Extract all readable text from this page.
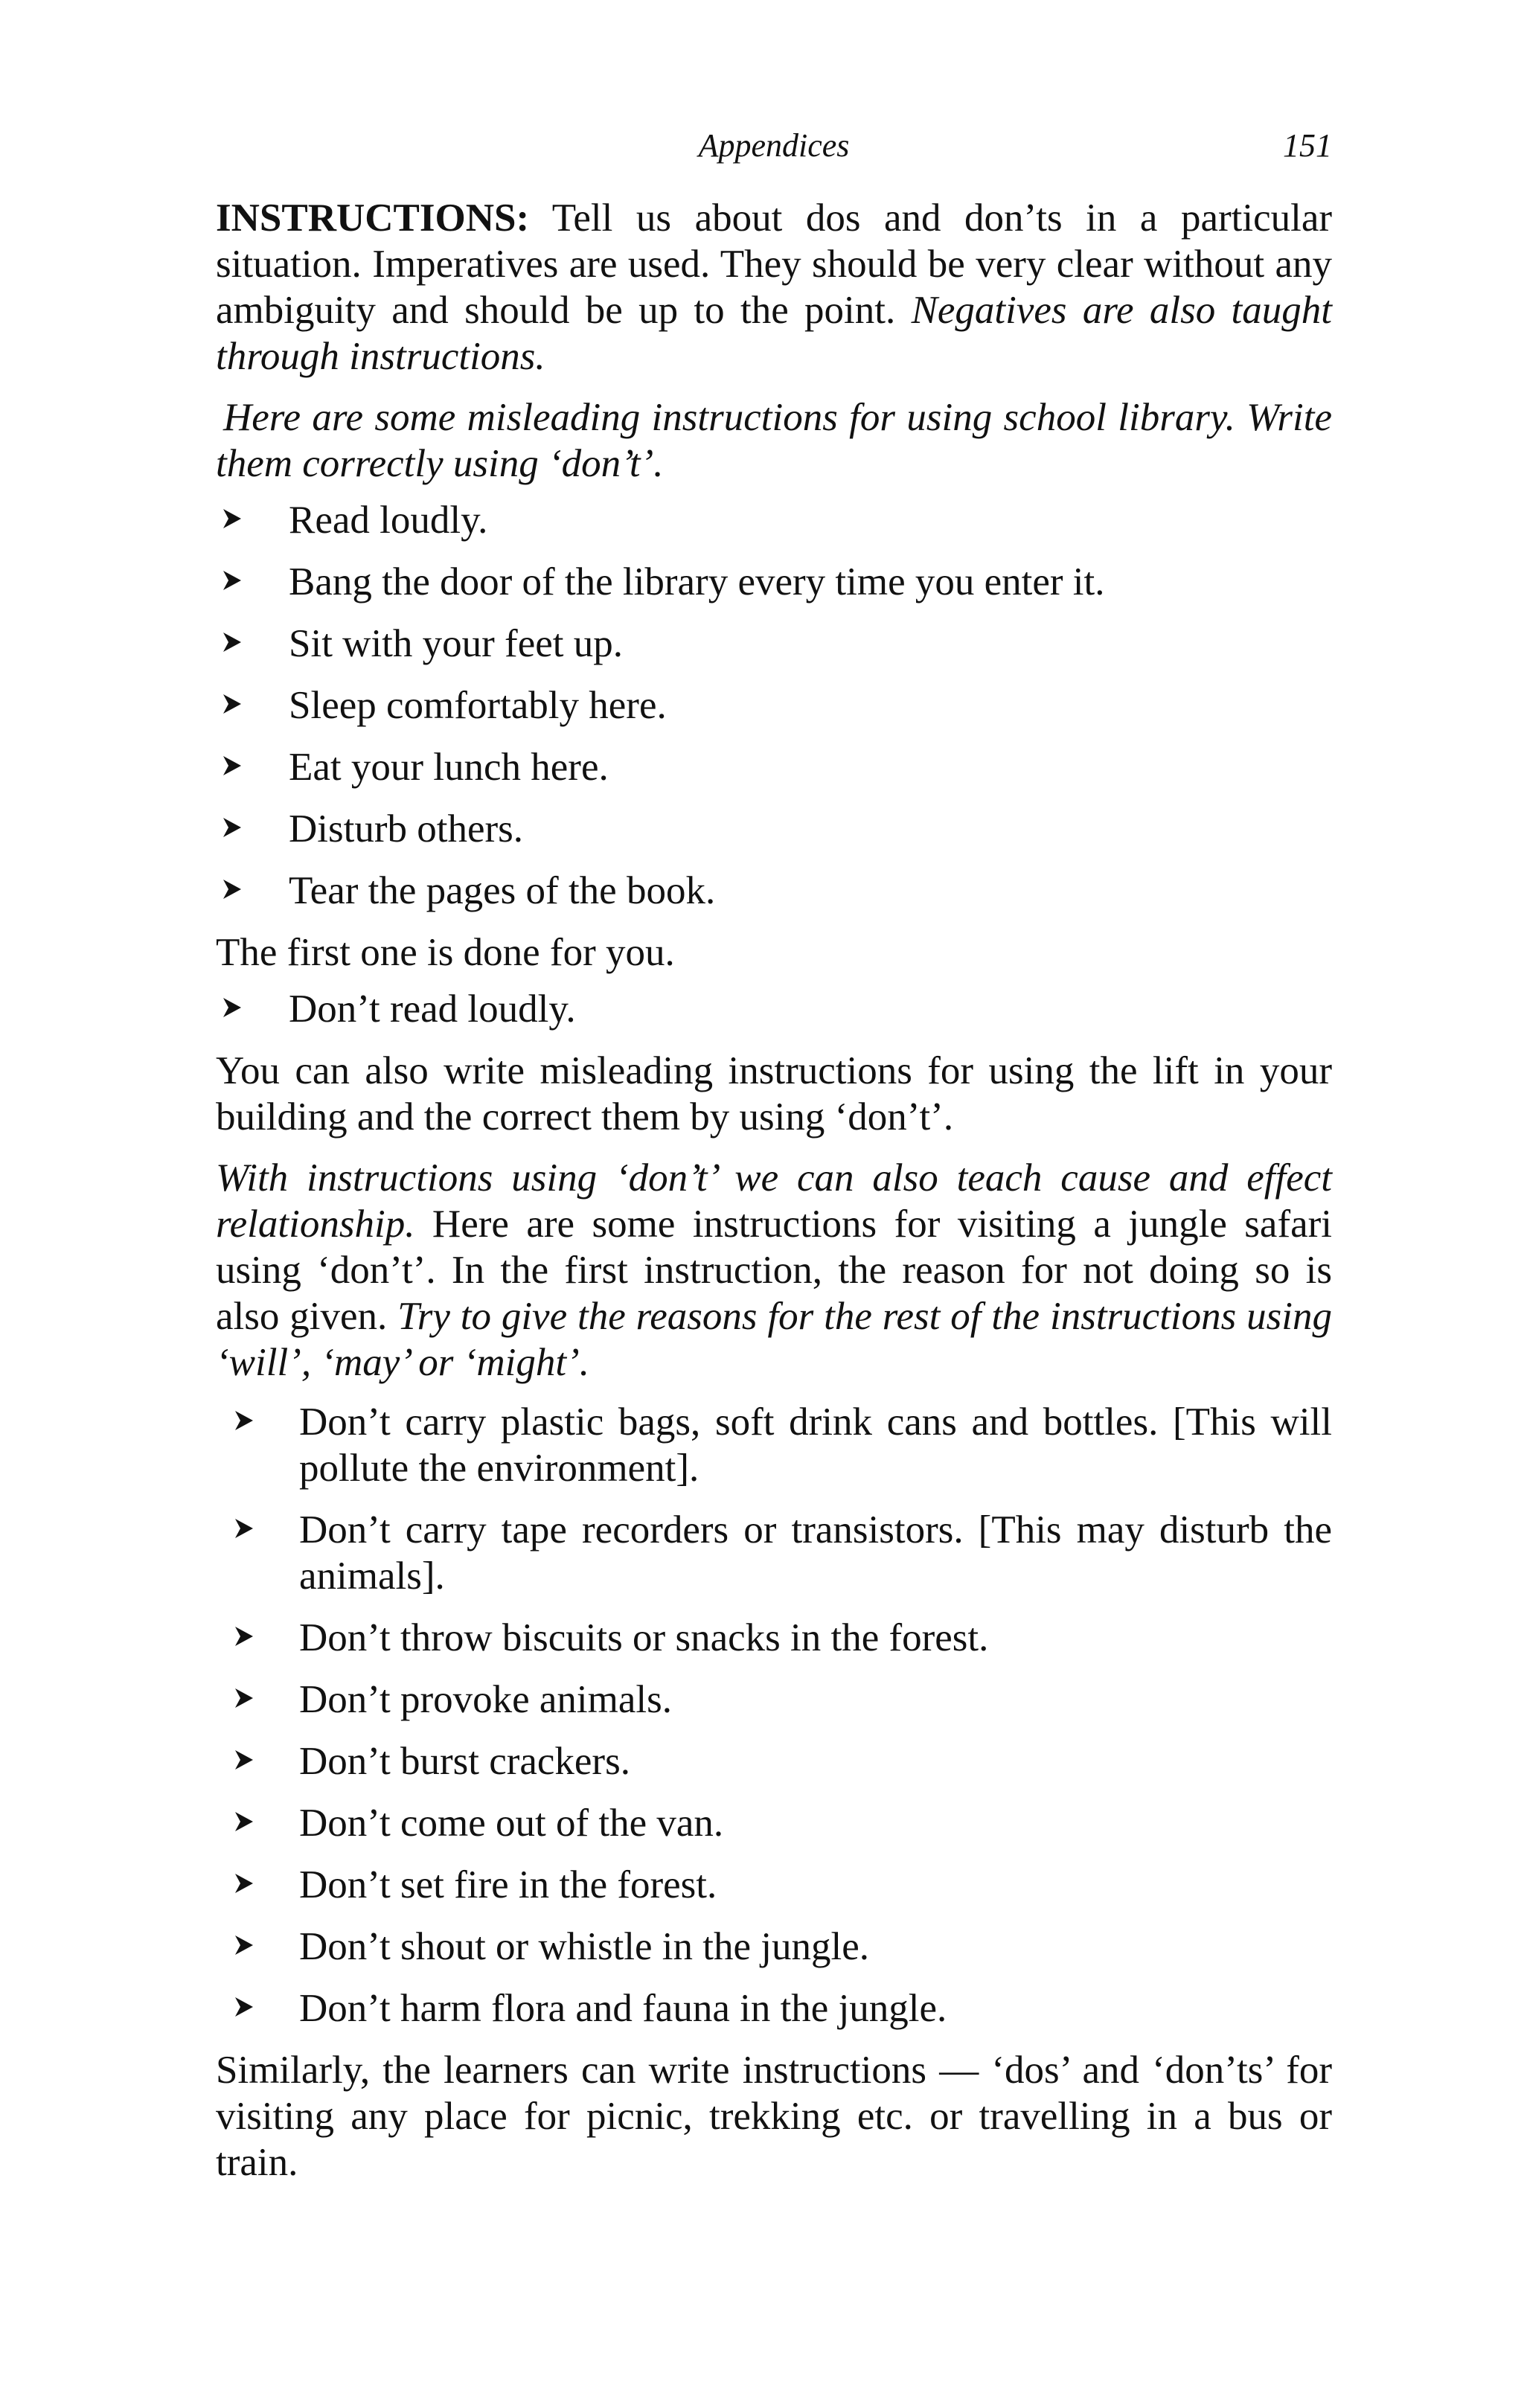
Appendices	151

INSTRUCTIONS: Tell us about dos and don’ts in a particular situation. Imperatives are used. They should be very clear without any ambiguity and should be up to the point. Negatives are also taught through instructions.

Here are some misleading instructions for using school library. Write them correctly using ‘don’t’.

Read loudly.
Bang the door of the library every time you enter it.
Sit with your feet up.
Sleep comfortably here.
Eat your lunch here.
Disturb others.
Tear the pages of the book.

The first one is done for you.

Don’t read loudly.

You can also write misleading instructions for using the lift in your building and the correct them by using ‘don’t’.

With instructions using ‘don’t’ we can also teach cause and effect relationship. Here are some instructions for visiting a jungle safari using ‘don’t’. In the first instruction, the reason for not doing so is also given. Try to give the reasons for the rest of the instructions using ‘will’, ‘may’ or ‘might’.

Don’t carry plastic bags, soft drink cans and bottles. [This will pollute the environment].
Don’t carry tape recorders or transistors. [This may disturb the animals].
Don’t throw biscuits or snacks in the forest.
Don’t provoke animals.
Don’t burst crackers.
Don’t come out of the van.
Don’t set fire in the forest.
Don’t shout or whistle in the jungle.
Don’t harm flora and fauna in the jungle.

Similarly, the learners can write instructions — ‘dos’ and ‘don’ts’ for visiting any place for picnic, trekking etc. or travelling in a bus or train.
